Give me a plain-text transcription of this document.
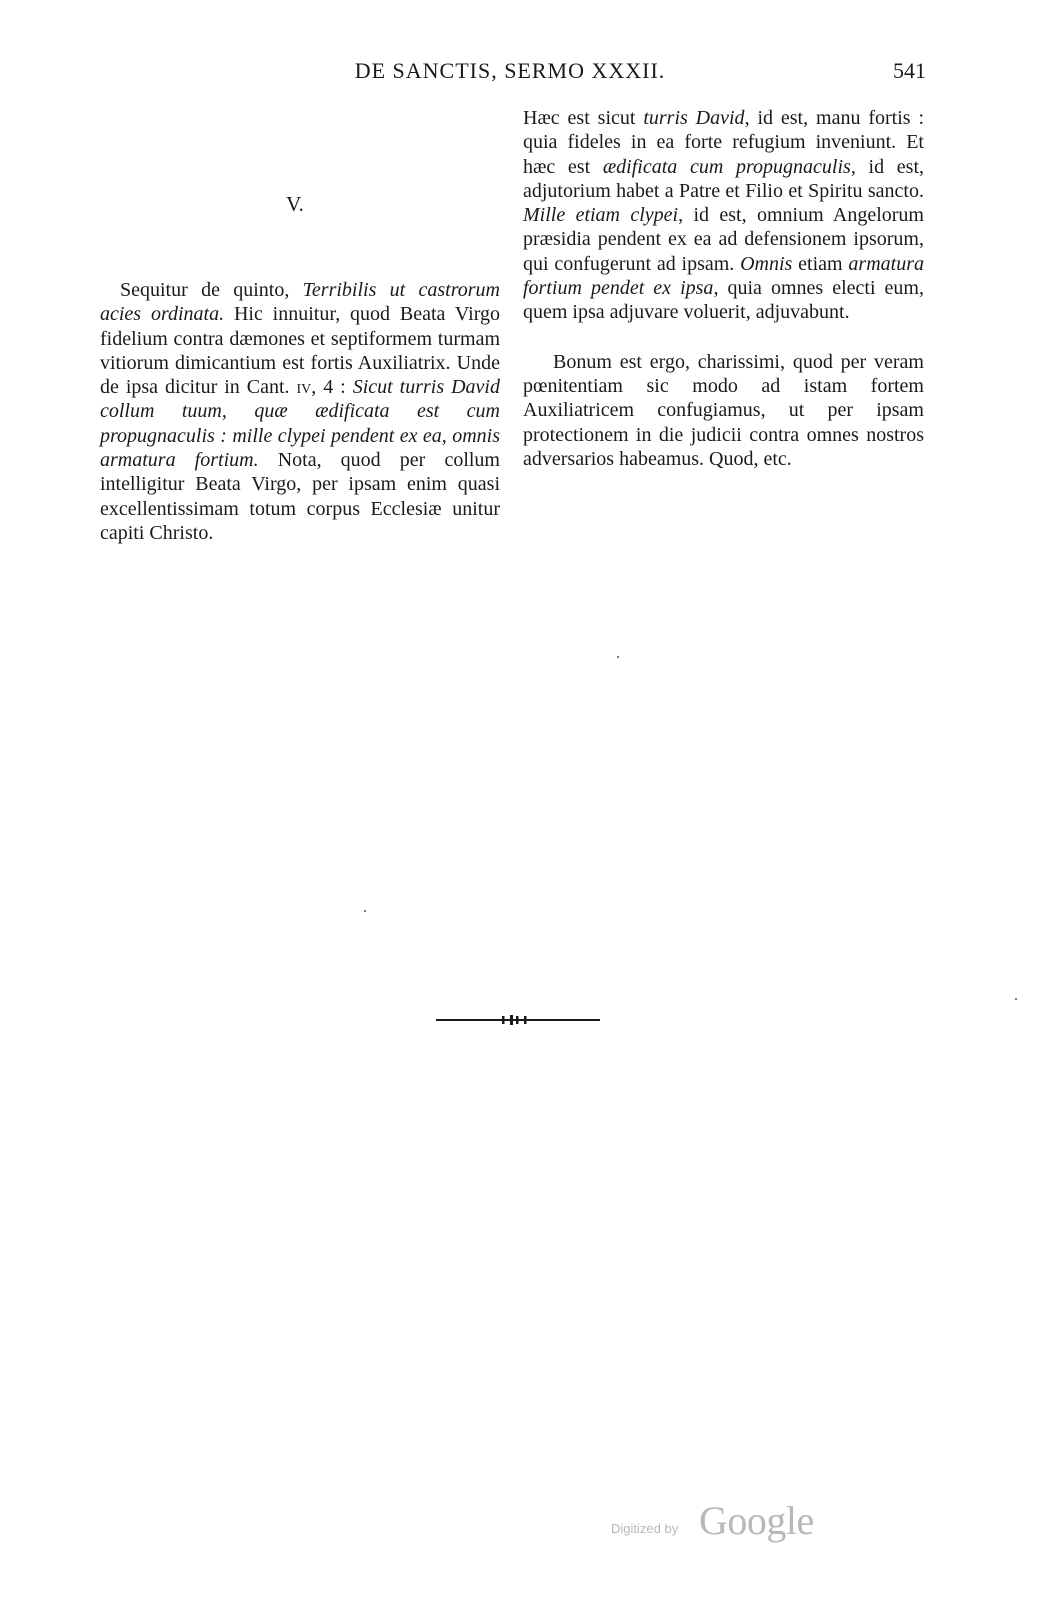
DE SANCTIS, SERMO XXXII.	541
V.

Sequitur de quinto, Terribilis ut castrorum acies ordinata. Hic innuitur, quod Beata Virgo fidelium contra dæmones et septiformem turmam vitiorum dimicantium est fortis Auxiliatrix. Unde de ipsa dicitur in Cant. iv, 4 : Sicut turris David collum tuum, quæ ædificata est cum propugnaculis : mille clypei pendent ex ea, omnis armatura fortium. Nota, quod per collum intelligitur Beata Virgo, per ipsam enim quasi excellentissimam totum corpus Ecclesiæ unitur capiti Christo.

Hæc est sicut turris David, id est, manu fortis : quia fideles in ea forte refugium inveniunt. Et hæc est ædificata cum propugnaculis, id est, adjutorium habet a Patre et Filio et Spiritu sancto. Mille etiam clypei, id est, omnium Angelorum præsidia pendent ex ea ad defensionem ipsorum, qui confugerunt ad ipsam. Omnis etiam armatura fortium pendet ex ipsa, quia omnes electi eum, quem ipsa adjuvare voluerit, adjuvabunt.

Bonum est ergo, charissimi, quod per veram pœnitentiam sic modo ad istam fortem Auxiliatricem confugiamus, ut per ipsam protectionem in die judicii contra omnes nostros adversarios habeamus. Quod, etc.

Digitized by Google
